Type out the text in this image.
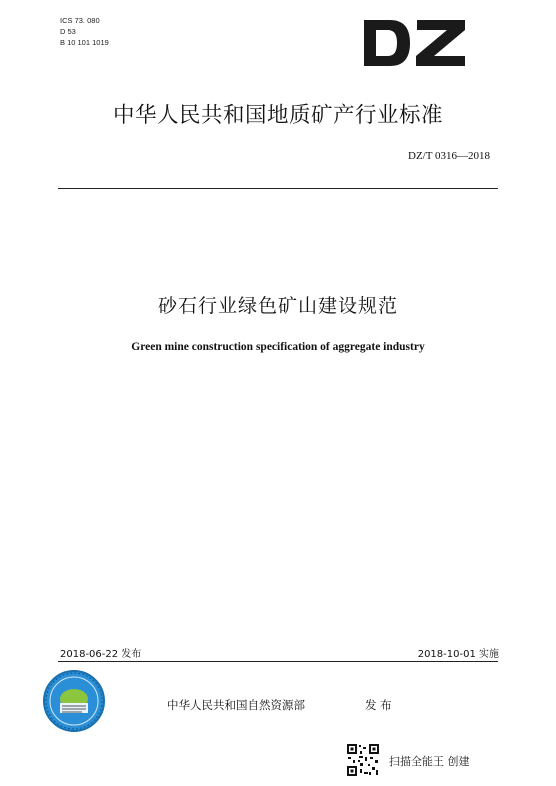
ICS 73. 080
D 53
B 10 101 1019
中华人民共和国地质矿产行业标准
DZ/T 0316—2018
砂石行业绿色矿山建设规范
Green mine construction specification of aggregate industry
2018-06-22 发布	2018-10-01 实施
中华人民共和国自然资源部	发 布
扫描全能王 创建
